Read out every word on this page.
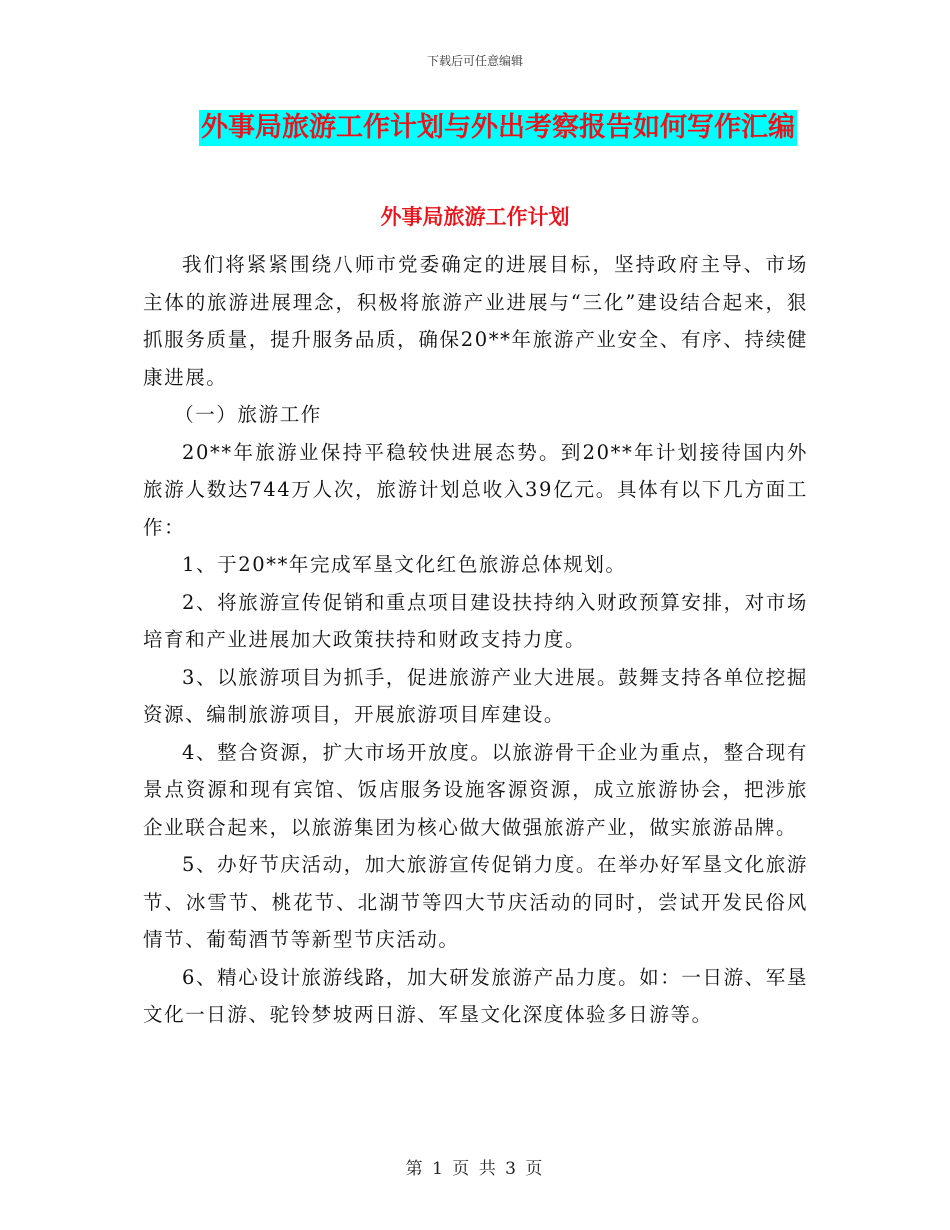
下载后可任意编辑
外事局旅游工作计划与外出考察报告如何写作汇编
外事局旅游工作计划

我们将紧紧围绕八师市党委确定的进展目标，坚持政府主导、市场主体的旅游进展理念，积极将旅游产业进展与“三化”建设结合起来，狠抓服务质量，提升服务品质，确保20**年旅游产业安全、有序、持续健康进展。

（一）旅游工作

20**年旅游业保持平稳较快进展态势。到20**年计划接待国内外旅游人数达744万人次，旅游计划总收入39亿元。具体有以下几方面工作：

1、于20**年完成军垦文化红色旅游总体规划。

2、将旅游宣传促销和重点项目建设扶持纳入财政预算安排，对市场培育和产业进展加大政策扶持和财政支持力度。

3、以旅游项目为抓手，促进旅游产业大进展。鼓舞支持各单位挖掘资源、编制旅游项目，开展旅游项目库建设。

4、整合资源，扩大市场开放度。以旅游骨干企业为重点，整合现有景点资源和现有宾馆、饭店服务设施客源资源，成立旅游协会，把涉旅企业联合起来，以旅游集团为核心做大做强旅游产业，做实旅游品牌。

5、办好节庆活动，加大旅游宣传促销力度。在举办好军垦文化旅游节、冰雪节、桃花节、北湖节等四大节庆活动的同时，尝试开发民俗风情节、葡萄酒节等新型节庆活动。

6、精心设计旅游线路，加大研发旅游产品力度。如：一日游、军垦文化一日游、驼铃梦坡两日游、军垦文化深度体验多日游等。

第 1 页 共 3 页
